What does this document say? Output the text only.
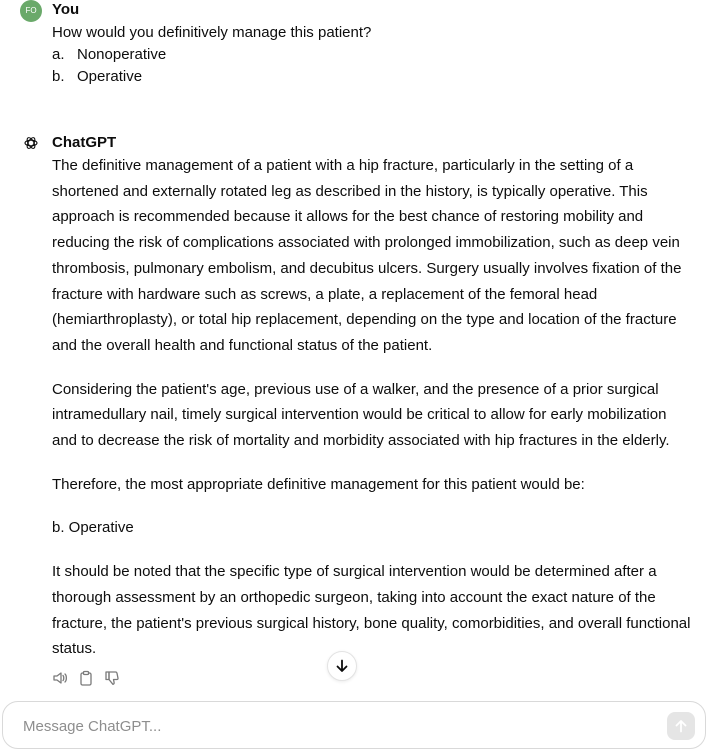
FO	You
How would you definitively manage this patient?
a. Nonoperative
b. Operative
ChatGPT

The definitive management of a patient with a hip fracture, particularly in the setting of a shortened and externally rotated leg as described in the history, is typically operative. This approach is recommended because it allows for the best chance of restoring mobility and reducing the risk of complications associated with prolonged immobilization, such as deep vein thrombosis, pulmonary embolism, and decubitus ulcers. Surgery usually involves fixation of the fracture with hardware such as screws, a plate, a replacement of the femoral head (hemiarthroplasty), or total hip replacement, depending on the type and location of the fracture and the overall health and functional status of the patient.

Considering the patient's age, previous use of a walker, and the presence of a prior surgical intramedullary nail, timely surgical intervention would be critical to allow for early mobilization and to decrease the risk of mortality and morbidity associated with hip fractures in the elderly.

Therefore, the most appropriate definitive management for this patient would be:

b. Operative

It should be noted that the specific type of surgical intervention would be determined after a thorough assessment by an orthopedic surgeon, taking into account the exact nature of the fracture, the patient's previous surgical history, bone quality, comorbidities, and overall functional status.

Message ChatGPT...
